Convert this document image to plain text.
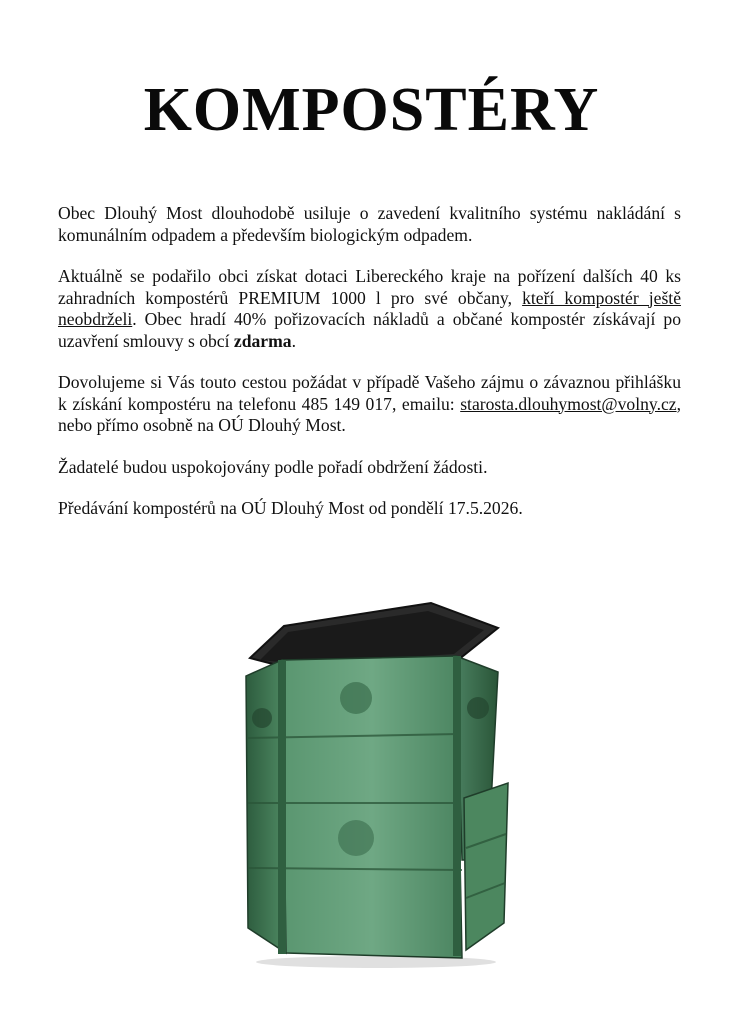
KOMPOSTÉRY

Obec Dlouhý Most dlouhodobě usiluje o zavedení kvalitního systému nakládání s komunálním odpadem a především biologickým odpadem.

Aktuálně se podařilo obci získat dotaci Libereckého kraje na pořízení dalších 40 ks zahradních kompostérů PREMIUM 1000 l pro své občany, kteří kompostér ještě neobdrželi. Obec hradí 40% pořizovacích nákladů a občané kompostér získávají po uzavření smlouvy s obcí zdarma.

Dovolujeme si Vás touto cestou požádat v případě Vašeho zájmu o závaznou přihlášku k získání kompostéru na telefonu 485 149 017, emailu: starosta.dlouhymost@volny.cz, nebo přímo osobně na OÚ Dlouhý Most.

Žadatelé budou uspokojovány podle pořadí obdržení žádosti.

Předávání kompostérů na OÚ Dlouhý Most od pondělí 17.5.2026.
